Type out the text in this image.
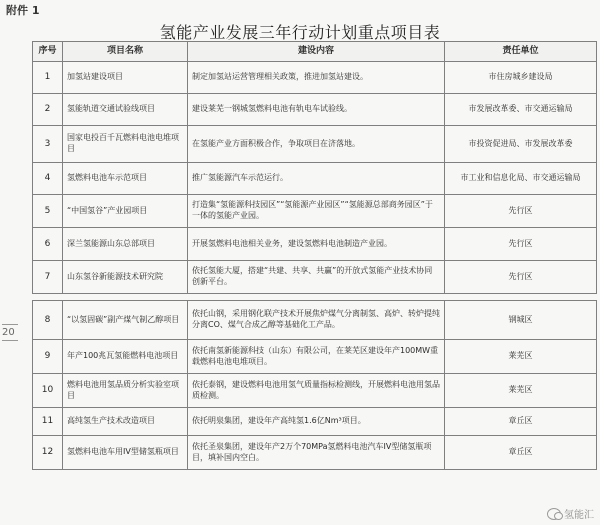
附件 1
氢能产业发展三年行动计划重点项目表
20
序号	项目名称	建设内容	责任单位
1	加氢站建设项目	制定加氢站运营管理相关政策，推进加氢站建设。	市住房城乡建设局
2	氢能轨道交通试验线项目	建设莱芜一钢城氢燃料电池有轨电车试验线。	市发展改革委、市交通运输局
3	国家电投百千瓦燃料电池电堆项目	在氢能产业方面积极合作，争取项目在济落地。	市投资促进局、市发展改革委
4	氢燃料电池车示范项目	推广氢能源汽车示范运行。	市工业和信息化局、市交通运输局
5	“中国氢谷”产业园项目	打造集“氢能源科技园区”“氢能源产业园区”“氢能源总部商务园区”于一体的氢能产业园。	先行区
6	深兰氢能源山东总部项目	开展氢燃料电池相关业务，建设氢燃料电池制造产业园。	先行区
7	山东氢谷新能源技术研究院	依托氢能大厦，搭建“共建、共享、共赢”的开放式氢能产业技术协同创新平台。	先行区

8	“以氢固碳”副产煤气制乙醇项目	依托山钢，采用钢化联产技术开展焦炉煤气分离制氢、高炉、转炉提纯分离CO、煤气合成乙醇等基础化工产品。	钢城区
9	年产100兆瓦氢能燃料电池项目	依托南氢新能源科技（山东）有限公司，在莱芜区建设年产100MW重载燃料电池电堆项目。	莱芜区
10	燃料电池用氢品质分析实验室项目	依托泰钢，建设燃料电池用氢气质量指标检测线，开展燃料电池用氢品质检测。	莱芜区
11	高纯氢生产技术改造项目	依托明泉集团，建设年产高纯氢1.6亿Nm³项目。	章丘区
12	氢燃料电池车用IV型储氢瓶项目	依托圣泉集团，建设年产2万个70MPa氢燃料电池汽车IV型储氢瓶项目，填补国内空白。	章丘区
氢能汇
